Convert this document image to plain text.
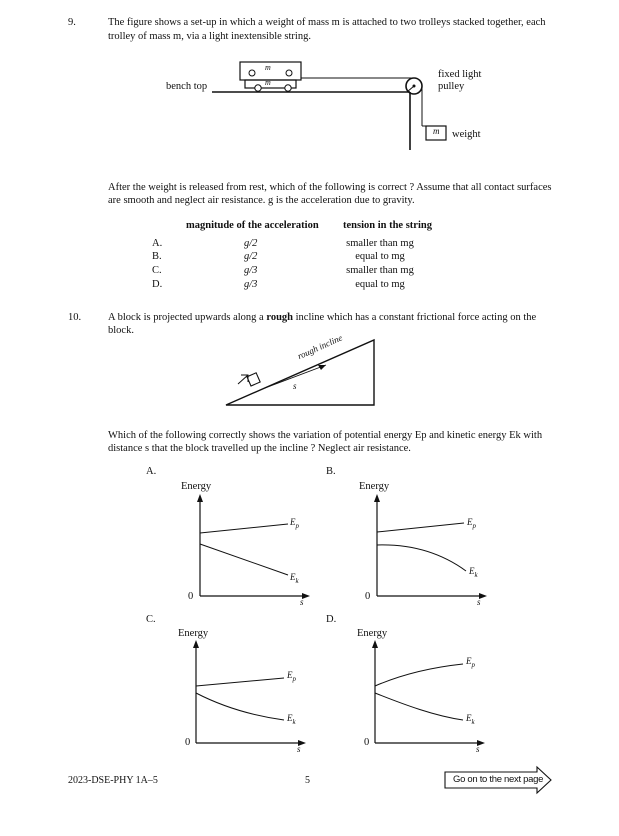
9.	The figure shows a set-up in which a weight of mass m is attached to two trolleys stacked together, each
trolley of mass m, via a light inextensible string.
m
m
bench top
fixed light
pulley
m weight
After the weight is released from rest, which of the following is correct ? Assume that all contact surfaces
are smooth and neglect air resistance. g is the acceleration due to gravity.
magnitude of the acceleration tension in the string
A.	g/2	smaller than mg
B.	g/2	equal to mg
C.	g/3	smaller than mg
D.	g/3	equal to mg
10.	A block is projected upwards along a rough incline which has a constant frictional force acting on the
block.
rough incline
s
Which of the following correctly shows the variation of potential energy Ep and kinetic energy Ek with
distance s that the block travelled up the incline ? Neglect air resistance.
A.
Energy
0	s
$E_p$
$E_k$
B.
Energy
0	s
$E_p$
$E_k$
C.
Energy
0
s
$E_p$
$E_k$
D.
Energy
0
s
$E_p$
$E_k$
2023-DSE-PHY 1A–5	5	Go on to the next page
